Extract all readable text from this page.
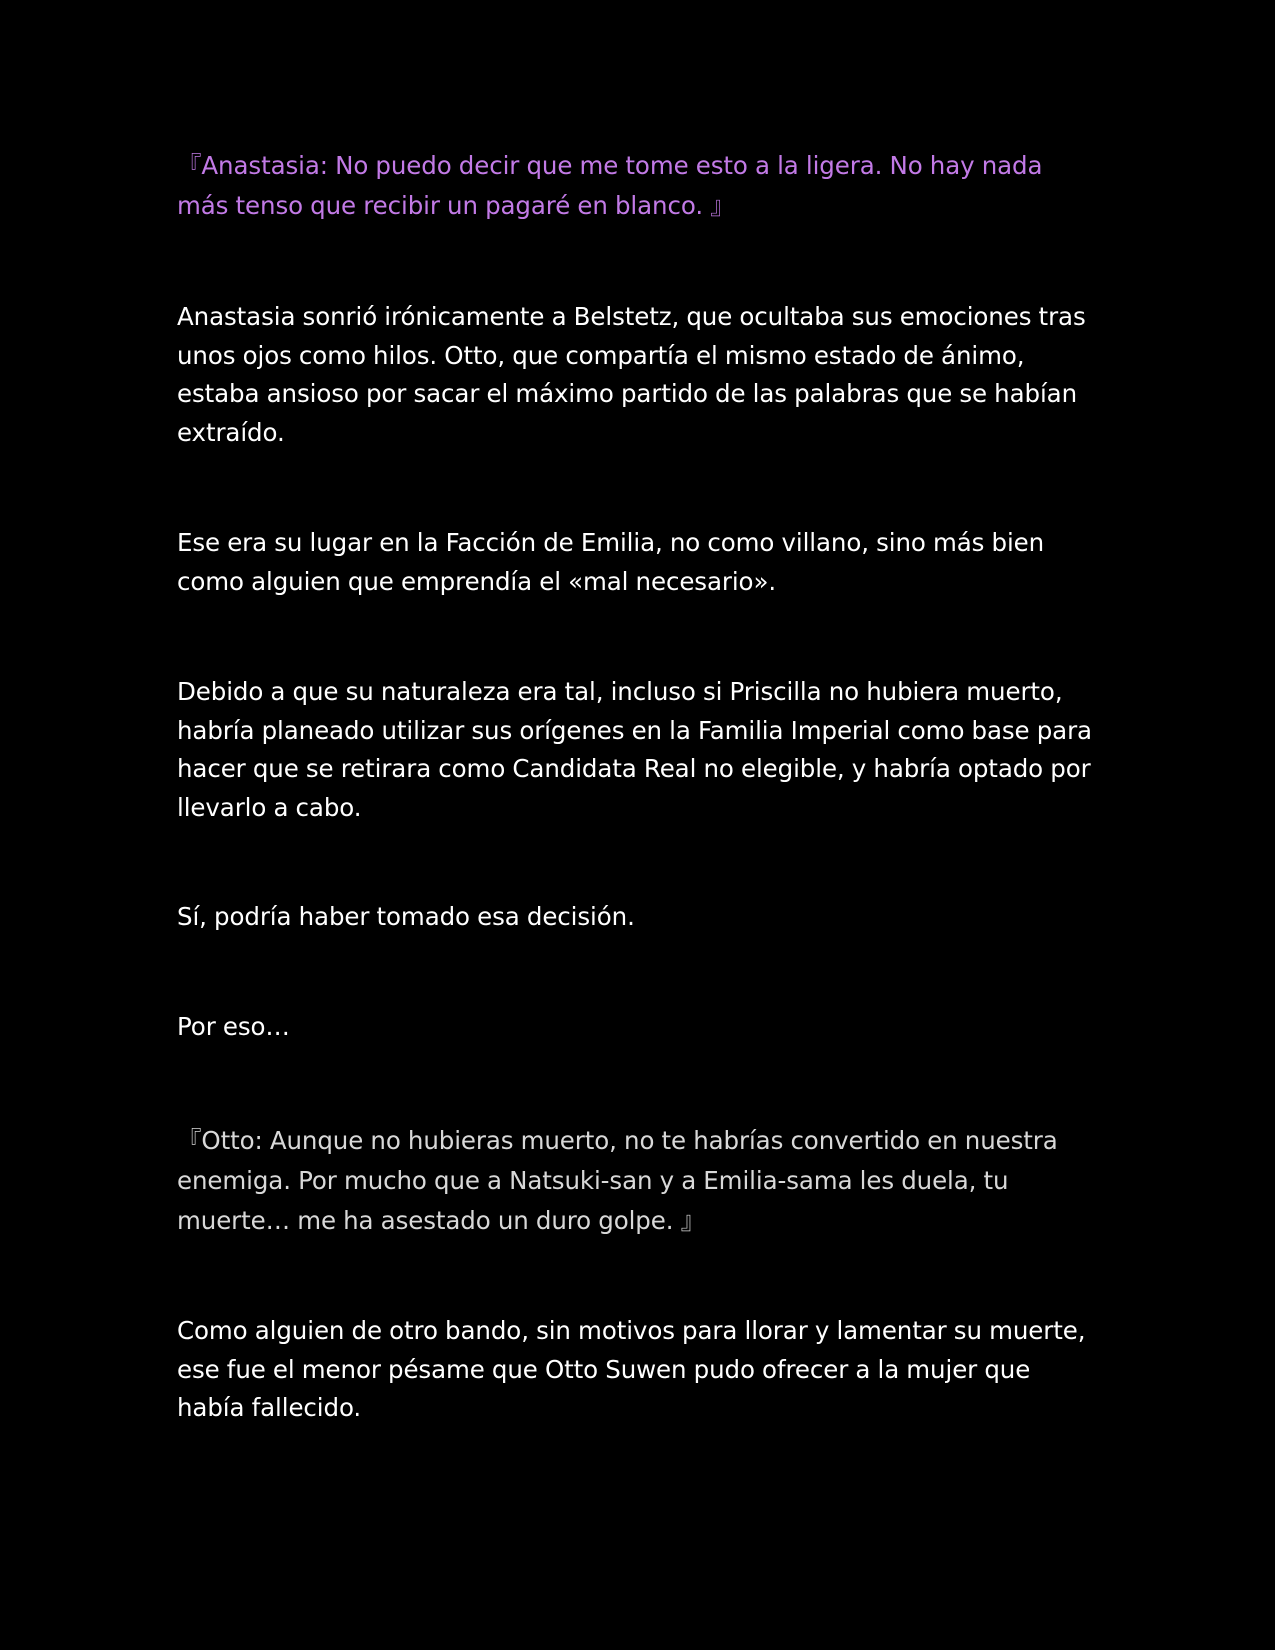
『Anastasia: No puedo decir que me tome esto a la ligera. No hay nada más tenso que recibir un pagaré en blanco. 』

Anastasia sonrió irónicamente a Belstetz, que ocultaba sus emociones tras unos ojos como hilos. Otto, que compartía el mismo estado de ánimo, estaba ansioso por sacar el máximo partido de las palabras que se habían extraído.

Ese era su lugar en la Facción de Emilia, no como villano, sino más bien como alguien que emprendía el «mal necesario».

Debido a que su naturaleza era tal, incluso si Priscilla no hubiera muerto, habría planeado utilizar sus orígenes en la Familia Imperial como base para hacer que se retirara como Candidata Real no elegible, y habría optado por llevarlo a cabo.

Sí, podría haber tomado esa decisión.

Por eso…

『Otto: Aunque no hubieras muerto, no te habrías convertido en nuestra enemiga. Por mucho que a Natsuki-san y a Emilia-sama les duela, tu muerte… me ha asestado un duro golpe. 』

Como alguien de otro bando, sin motivos para llorar y lamentar su muerte, ese fue el menor pésame que Otto Suwen pudo ofrecer a la mujer que había fallecido.
